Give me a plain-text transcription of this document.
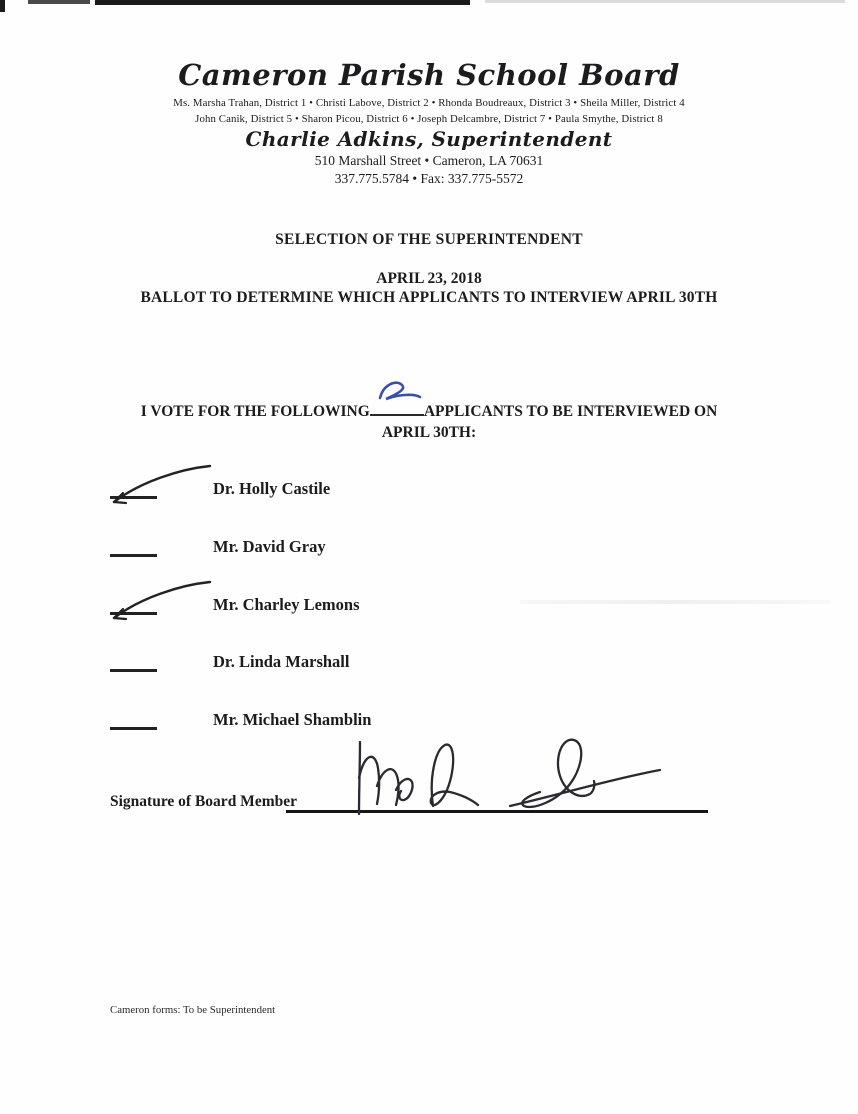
Cameron Parish School Board
Ms. Marsha Trahan, District 1 • Christi Labove, District 2 • Rhonda Boudreaux, District 3 • Sheila Miller, District 4
John Canik, District 5 • Sharon Picou, District 6 • Joseph Delcambre, District 7 • Paula Smythe, District 8
Charlie Adkins, Superintendent
510 Marshall Street • Cameron, LA 70631
337.775.5784 • Fax: 337.775-5572
SELECTION OF THE SUPERINTENDENT
APRIL 23, 2018
BALLOT TO DETERMINE WHICH APPLICANTS TO INTERVIEW APRIL 30TH
I VOTE FOR THE FOLLOWING	APPLICANTS TO BE INTERVIEWED ON
APRIL 30TH:
Dr. Holly Castile
Mr. David Gray
Mr. Charley Lemons
Dr. Linda Marshall
Mr. Michael Shamblin
Signature of Board Member
Cameron forms: To be Superintendent
